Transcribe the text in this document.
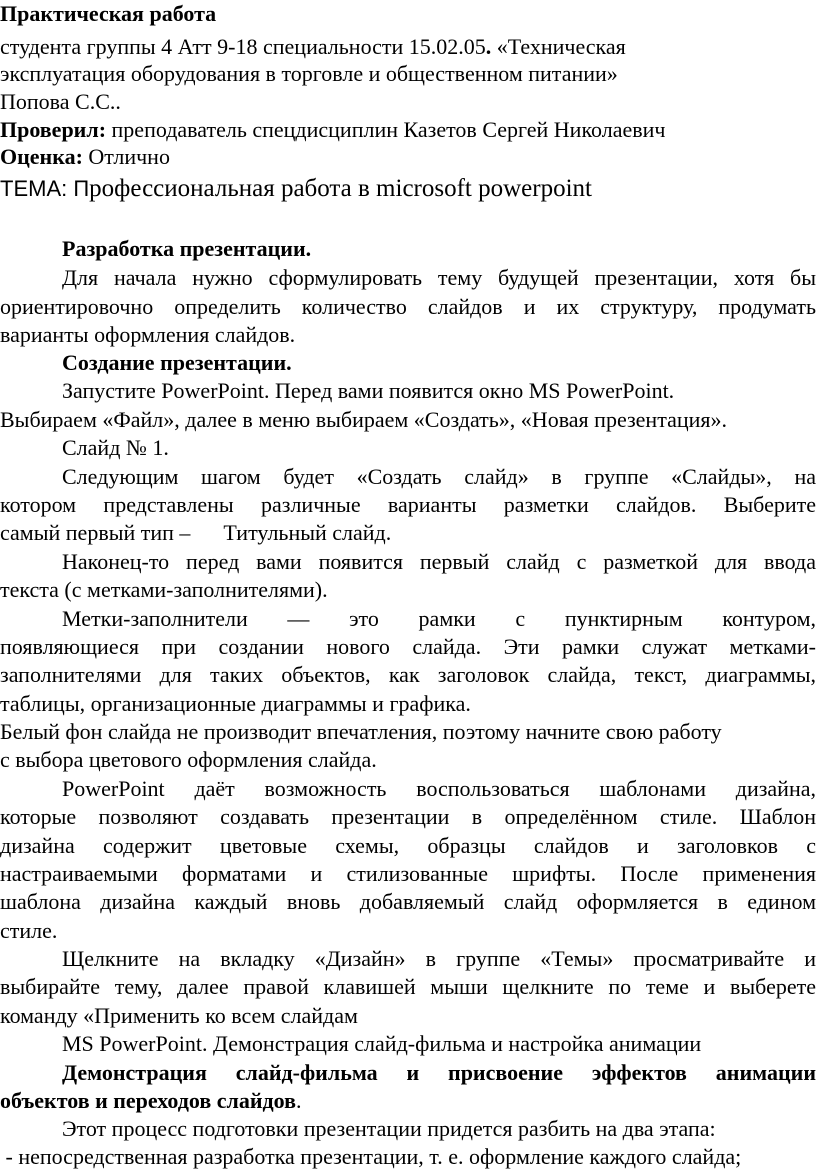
Практическая работа

студента группы 4 Атт 9-18 специальности 15.02.05. «Техническая

эксплуатация оборудования в торговле и общественном питании»

Попова С.С..

Проверил: преподаватель спецдисциплин Казетов Сергей Николаевич

Оценка: Отлично

ТЕМА: Профессиональная работа в microsoft powerpoint

Разработка презентации.

Для начала нужно сформулировать тему будущей презентации, хотя бы

ориентировочно определить количество слайдов и их структуру, продумать

варианты оформления слайдов.

Создание презентации.

Запустите PowerPoint. Перед вами появится окно MS PowerPoint.

Выбираем «Файл», далее в меню выбираем «Создать», «Новая презентация».

Слайд № 1.

Следующим шагом будет «Создать слайд» в группе «Слайды», на

котором представлены различные варианты разметки слайдов. Выберите

самый первый тип –      Титульный слайд.

Наконец-то перед вами появится первый слайд с разметкой для ввода

текста (с метками-заполнителями).

Метки-заполнители — это рамки с пунктирным контуром,

появляющиеся при создании нового слайда. Эти рамки служат метками-

заполнителями для таких объектов, как заголовок слайда, текст, диаграммы,

таблицы, организационные диаграммы и графика.

Белый фон слайда не производит впечатления, поэтому начните свою работу

с выбора цветового оформления слайда.

PowerPoint даёт возможность воспользоваться шаблонами дизайна,

которые позволяют создавать презентации в определённом стиле. Шаблон

дизайна содержит цветовые схемы, образцы слайдов и заголовков с

настраиваемыми форматами и стилизованные шрифты. После применения

шаблона дизайна каждый вновь добавляемый слайд оформляется в едином

стиле.

Щелкните на вкладку «Дизайн» в группе «Темы» просматривайте и

выбирайте тему, далее правой клавишей мыши щелкните по теме и выберете

команду «Применить ко всем слайдам

MS PowerPoint. Демонстрация слайд-фильма и настройка анимации

Демонстрация слайд-фильма и присвоение эффектов анимации

объектов и переходов слайдов.

Этот процесс подготовки презентации придется разбить на два этапа:

- непосредственная разработка презентации, т. е. оформление каждого слайда;
